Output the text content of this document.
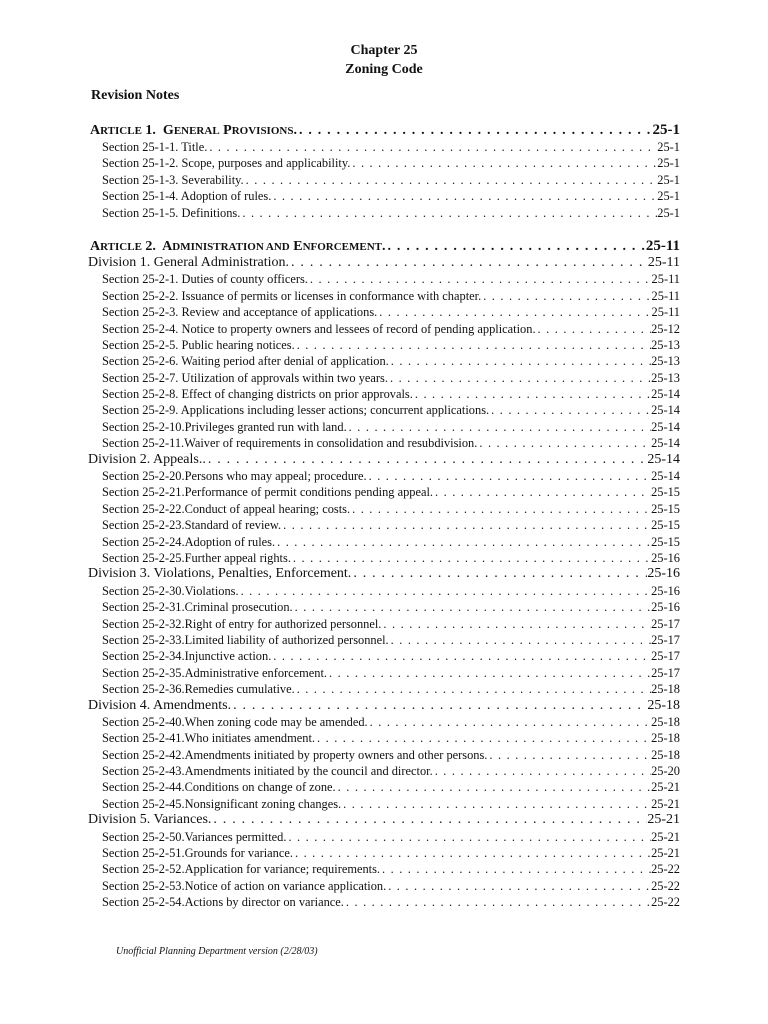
Chapter 25
Zoning Code
Revision Notes
ARTICLE 1.  GENERAL PROVISIONS. . . .	25-1
Section 25-1-1. Title. . . .	25-1
Section 25-1-2. Scope, purposes and applicability. . . .	25-1
Section 25-1-3. Severability. . . .	25-1
Section 25-1-4. Adoption of rules. . . .	25-1
Section 25-1-5. Definitions. . . .	25-1
ARTICLE 2.  ADMINISTRATION AND ENFORCEMENT. . . .	25-11
Division 1. General Administration. . . .	25-11
Section 25-2-1. Duties of county officers. . . .	25-11
Section 25-2-2. Issuance of permits or licenses in conformance with chapter. . . .	25-11
Section 25-2-3. Review and acceptance of applications. . . .	25-11
Section 25-2-4. Notice to property owners and lessees of record of pending application. . . .	25-12
Section 25-2-5. Public hearing notices. . . .	25-13
Section 25-2-6. Waiting period after denial of application. . . .	25-13
Section 25-2-7. Utilization of approvals within two years. . . .	25-13
Section 25-2-8. Effect of changing districts on prior approvals. . . .	25-14
Section 25-2-9. Applications including lesser actions; concurrent applications. . . .	25-14
Section 25-2-10.Privileges granted run with land. . . .	25-14
Section 25-2-11.Waiver of requirements in consolidation and resubdivision. . . .	25-14
Division 2. Appeals.. . . .	25-14
Section 25-2-20.Persons who may appeal; procedure. . . .	25-14
Section 25-2-21.Performance of permit conditions pending appeal. . . .	25-15
Section 25-2-22.Conduct of appeal hearing; costs. . . .	25-15
Section 25-2-23.Standard of review. . . .	25-15
Section 25-2-24.Adoption of rules. . . .	25-15
Section 25-2-25.Further appeal rights. . . .	25-16
Division 3. Violations, Penalties, Enforcement. . . .	25-16
Section 25-2-30.Violations. . . .	25-16
Section 25-2-31.Criminal prosecution. . . .	25-16
Section 25-2-32.Right of entry for authorized personnel. . . .	25-17
Section 25-2-33.Limited liability of authorized personnel. . . .	25-17
Section 25-2-34.Injunctive action. . . .	25-17
Section 25-2-35.Administrative enforcement. . . .	25-17
Section 25-2-36.Remedies cumulative. . . .	25-18
Division 4. Amendments. . . .	25-18
Section 25-2-40.When zoning code may be amended. . . .	25-18
Section 25-2-41.Who initiates amendment. . . .	25-18
Section 25-2-42.Amendments initiated by property owners and other persons. . . .	25-18
Section 25-2-43.Amendments initiated by the council and director. . . .	25-20
Section 25-2-44.Conditions on change of zone. . . .	25-21
Section 25-2-45.Nonsignificant zoning changes. . . .	25-21
Division 5. Variances. . . .	25-21
Section 25-2-50.Variances permitted. . . .	25-21
Section 25-2-51.Grounds for variance. . . .	25-21
Section 25-2-52.Application for variance; requirements. . . .	25-22
Section 25-2-53.Notice of action on variance application. . . .	25-22
Section 25-2-54.Actions by director on variance. . . .	25-22
Unofficial Planning Department version (2/28/03)
